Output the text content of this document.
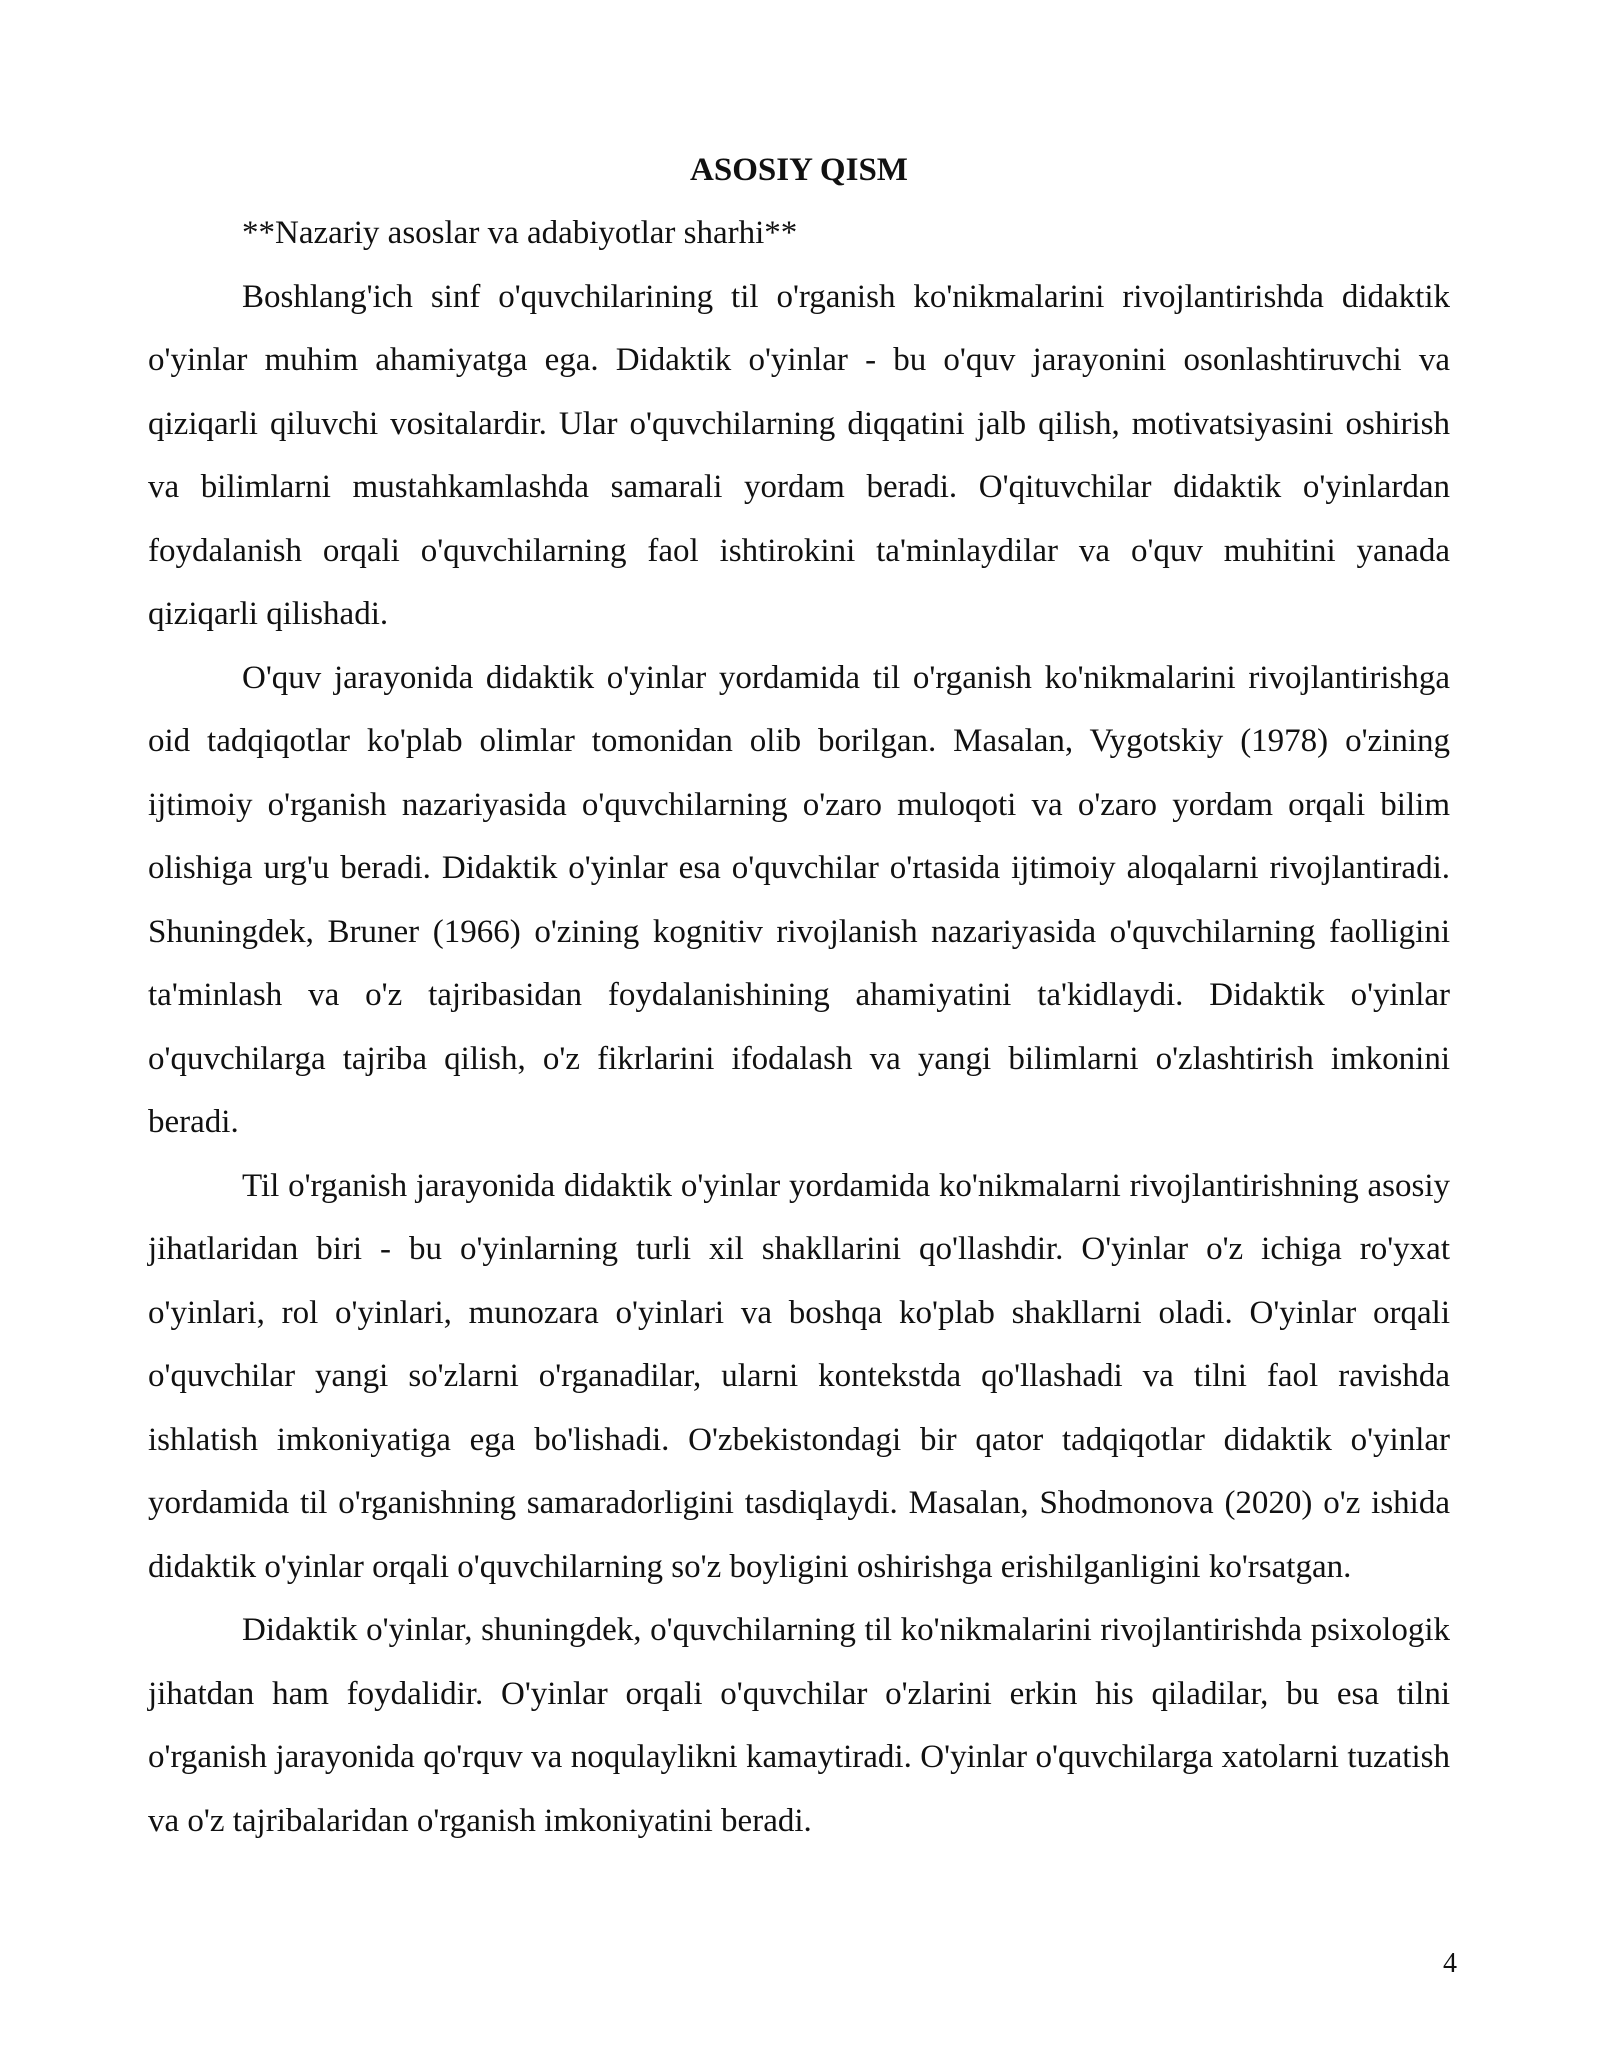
ASOSIY QISM

**Nazariy asoslar va adabiyotlar sharhi**

Boshlang'ich sinf o'quvchilarining til o'rganish ko'nikmalarini rivojlantirishda didaktik o'yinlar muhim ahamiyatga ega. Didaktik o'yinlar - bu o'quv jarayonini osonlashtiruvchi va qiziqarli qiluvchi vositalardir. Ular o'quvchilarning diqqatini jalb qilish, motivatsiyasini oshirish va bilimlarni mustahkamlashda samarali yordam beradi. O'qituvchilar didaktik o'yinlardan foydalanish orqali o'quvchilarning faol ishtirokini ta'minlaydilar va o'quv muhitini yanada qiziqarli qilishadi.

O'quv jarayonida didaktik o'yinlar yordamida til o'rganish ko'nikmalarini rivojlantirishga oid tadqiqotlar ko'plab olimlar tomonidan olib borilgan. Masalan, Vygotskiy (1978) o'zining ijtimoiy o'rganish nazariyasida o'quvchilarning o'zaro muloqoti va o'zaro yordam orqali bilim olishiga urg'u beradi. Didaktik o'yinlar esa o'quvchilar o'rtasida ijtimoiy aloqalarni rivojlantiradi. Shuningdek, Bruner (1966) o'zining kognitiv rivojlanish nazariyasida o'quvchilarning faolligini ta'minlash va o'z tajribasidan foydalanishining ahamiyatini ta'kidlaydi. Didaktik o'yinlar o'quvchilarga tajriba qilish, o'z fikrlarini ifodalash va yangi bilimlarni o'zlashtirish imkonini beradi.

Til o'rganish jarayonida didaktik o'yinlar yordamida ko'nikmalarni rivojlantirishning asosiy jihatlaridan biri - bu o'yinlarning turli xil shakllarini qo'llashdir. O'yinlar o'z ichiga ro'yxat o'yinlari, rol o'yinlari, munozara o'yinlari va boshqa ko'plab shakllarni oladi. O'yinlar orqali o'quvchilar yangi so'zlarni o'rganadilar, ularni kontekstda qo'llashadi va tilni faol ravishda ishlatish imkoniyatiga ega bo'lishadi. O'zbekistondagi bir qator tadqiqotlar didaktik o'yinlar yordamida til o'rganishning samaradorligini tasdiqlaydi. Masalan, Shodmonova (2020) o'z ishida didaktik o'yinlar orqali o'quvchilarning so'z boyligini oshirishga erishilganligini ko'rsatgan.

Didaktik o'yinlar, shuningdek, o'quvchilarning til ko'nikmalarini rivojlantirishda psixologik jihatdan ham foydalidir. O'yinlar orqali o'quvchilar o'zlarini erkin his qiladilar, bu esa tilni o'rganish jarayonida qo'rquv va noqulaylikni kamaytiradi. O'yinlar o'quvchilarga xatolarni tuzatish va o'z tajribalaridan o'rganish imkoniyatini beradi.

4
